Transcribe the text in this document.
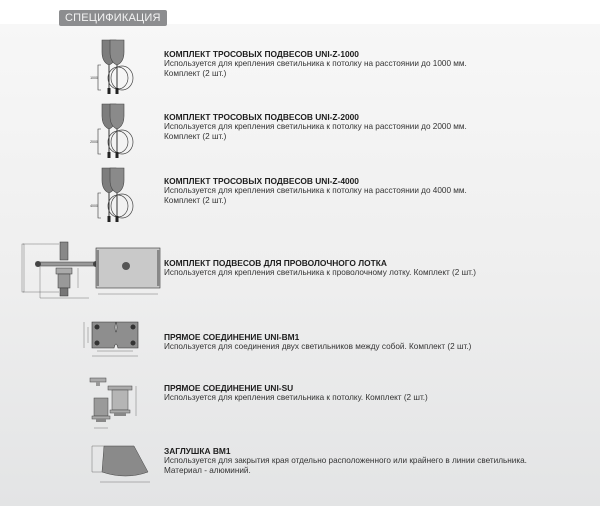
СПЕЦИФИКАЦИЯ
1000
2000
4000
КОМПЛЕКТ ТРОСОВЫХ ПОДВЕСОВ UNI-Z-1000
Используется для крепления светильника к потолку на расстоянии до 1000 мм.
Комплект (2 шт.)
КОМПЛЕКТ ТРОСОВЫХ ПОДВЕСОВ UNI-Z-2000
Используется для крепления светильника к потолку на расстоянии до 2000 мм.
Комплект (2 шт.)
КОМПЛЕКТ ТРОСОВЫХ ПОДВЕСОВ UNI-Z-4000
Используется для крепления светильника к потолку на расстоянии до 4000 мм.
Комплект (2 шт.)
КОМПЛЕКТ ПОДВЕСОВ ДЛЯ ПРОВОЛОЧНОГО ЛОТКА
Используется для крепления светильника к проволочному лотку. Комплект (2 шт.)
ПРЯМОЕ СОЕДИНЕНИЕ UNI-BM1
Используется для соединения двух светильников между собой. Комплект (2 шт.)
ПРЯМОЕ СОЕДИНЕНИЕ UNI-SU
Используется для крепления светильника к потолку. Комплект (2 шт.)
ЗАГЛУШКА BM1
Используется для закрытия края отдельно расположенного или крайнего в линии светильника.
Материал - алюминий.
